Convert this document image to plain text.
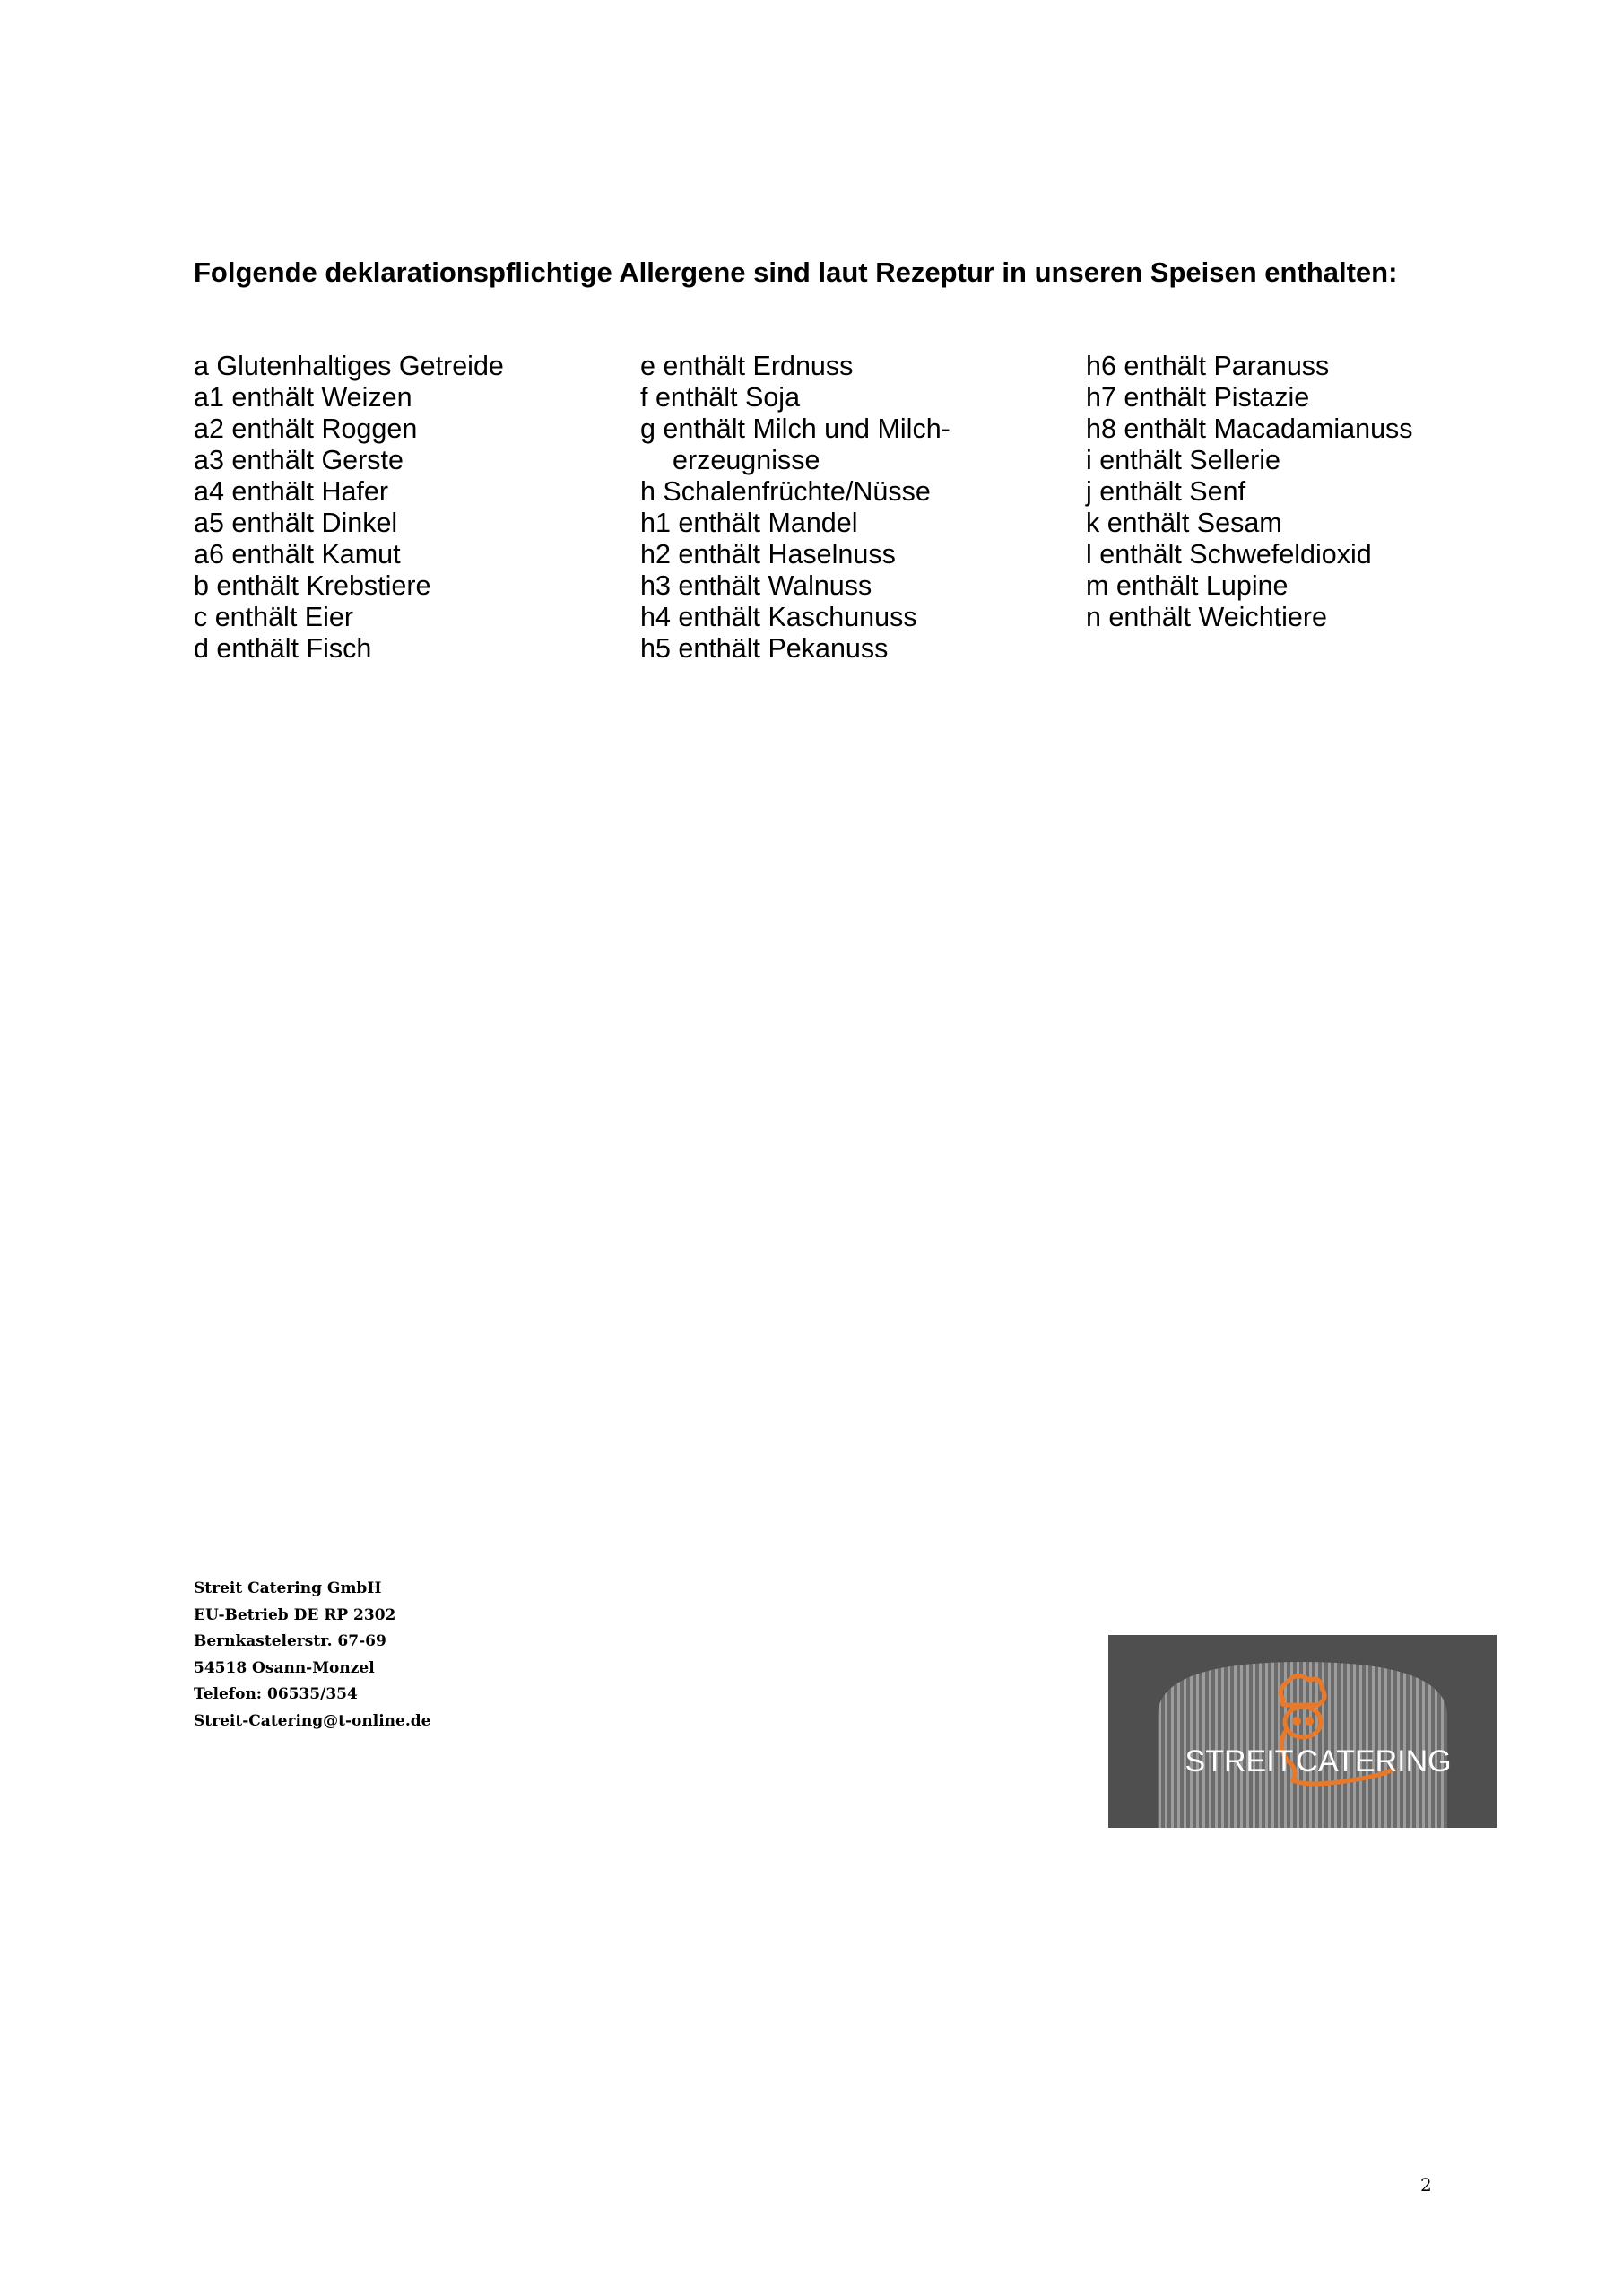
Folgende deklarationspflichtige Allergene sind laut Rezeptur in unseren Speisen enthalten:
a Glutenhaltiges Getreide
a1 enthält Weizen
a2 enthält Roggen
a3 enthält Gerste
a4 enthält Hafer
a5 enthält Dinkel
a6 enthält Kamut
b enthält Krebstiere
c enthält Eier
d enthält Fisch
e enthält Erdnuss
f enthält Soja
g enthält Milch und Milch-
erzeugnisse
h Schalenfrüchte/Nüsse
h1 enthält Mandel
h2 enthält Haselnuss
h3 enthält Walnuss
h4 enthält Kaschunuss
h5 enthält Pekanuss
h6 enthält Paranuss
h7 enthält Pistazie
h8 enthält Macadamianuss
i enthält Sellerie
j enthält Senf
k enthält Sesam
l enthält Schwefeldioxid
m enthält Lupine
n enthält Weichtiere
Streit Catering GmbH
EU-Betrieb DE RP 2302
Bernkastelerstr. 67-69
54518 Osann-Monzel
Telefon: 06535/354
Streit-Catering@t-online.de
STREIT CATERING
2
